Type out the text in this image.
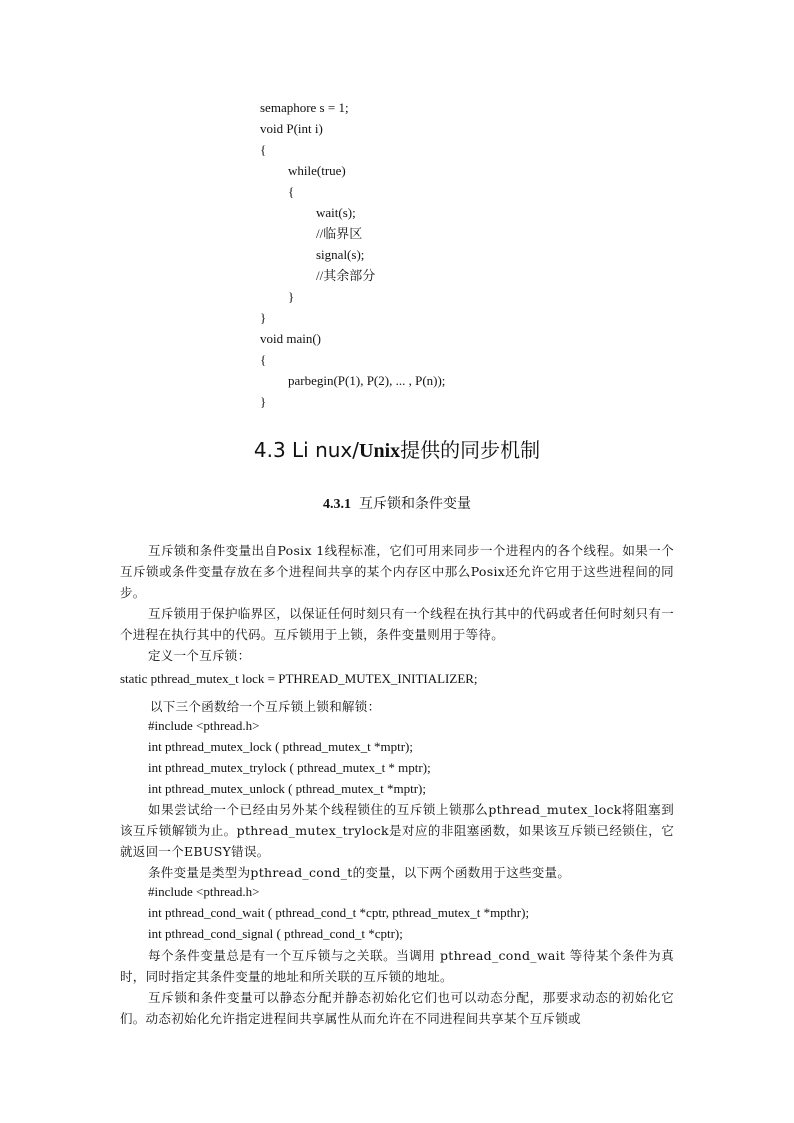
semaphore s = 1;
void P(int i)
{
while(true)
{
wait(s);
//临界区
signal(s);
//其余部分
}
}
void main()
{
parbegin(P(1), P(2), ... , P(n));
}
4.3 Li nux/Unix提供的同步机制
4.3.1 互斥锁和条件变量
互斥锁和条件变量出自Posix 1线程标准，它们可用来同步一个进程内的各个线程。如果一个互斥锁或条件变量存放在多个进程间共享的某个内存区中那么Posix还允许它用于这些进程间的同步。
互斥锁用于保护临界区，以保证任何时刻只有一个线程在执行其中的代码或者任何时刻只有一个进程在执行其中的代码。互斥锁用于上锁，条件变量则用于等待。
定义一个互斥锁：
static pthread_mutex_t lock = PTHREAD_MUTEX_INITIALIZER;
以下三个函数给一个互斥锁上锁和解锁：
#include <pthread.h>
int pthread_mutex_lock ( pthread_mutex_t *mptr);
int pthread_mutex_trylock ( pthread_mutex_t * mptr);
int pthread_mutex_unlock ( pthread_mutex_t *mptr);
如果尝试给一个已经由另外某个线程锁住的互斥锁上锁那么pthread_mutex_lock将阻塞到该互斥锁解锁为止。pthread_mutex_trylock是对应的非阻塞函数，如果该互斥锁已经锁住，它就返回一个EBUSY错误。
条件变量是类型为pthread_cond_t的变量，以下两个函数用于这些变量。
#include <pthread.h>
int pthread_cond_wait ( pthread_cond_t *cptr, pthread_mutex_t *mpthr);
int pthread_cond_signal ( pthread_cond_t *cptr);
每个条件变量总是有一个互斥锁与之关联。当调用 pthread_cond_wait 等待某个条件为真时，同时指定其条件变量的地址和所关联的互斥锁的地址。
互斥锁和条件变量可以静态分配并静态初始化它们也可以动态分配，那要求动态的初始化它们。动态初始化允许指定进程间共享属性从而允许在不同进程间共享某个互斥锁或
